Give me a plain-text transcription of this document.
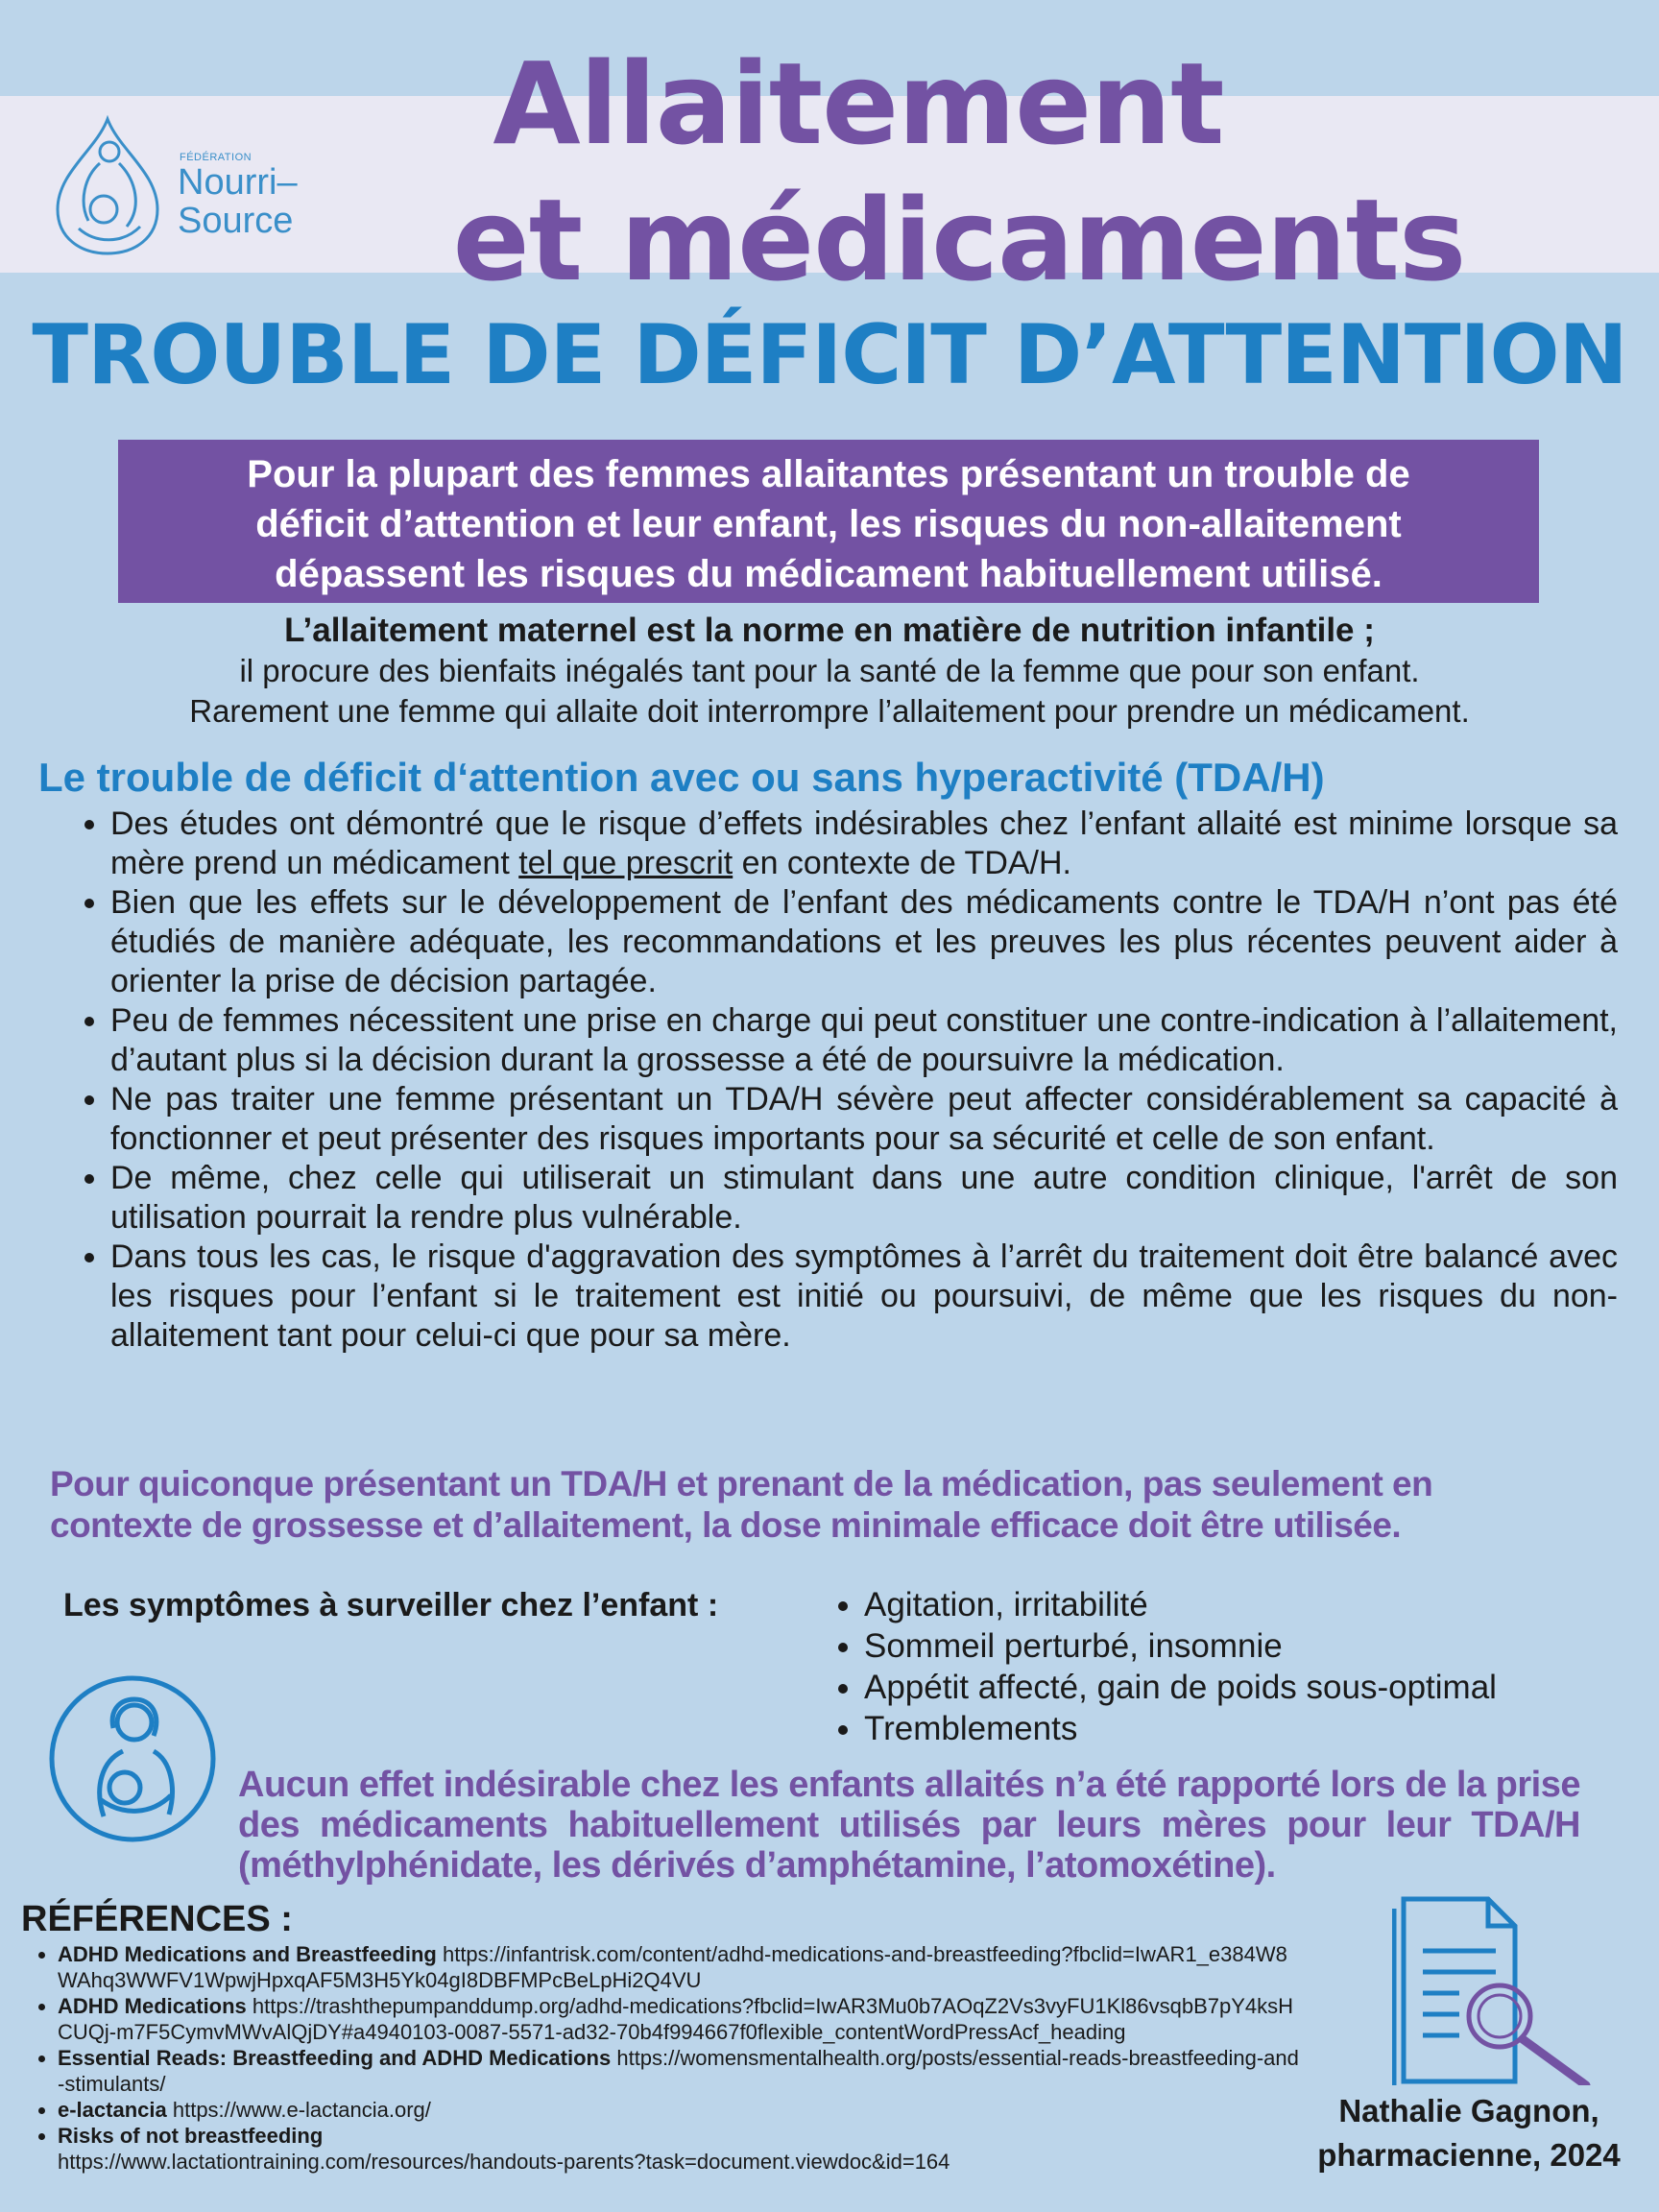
FÉDÉRATION
Nourri–
Source
Allaitement
et médicaments
TROUBLE DE DÉFICIT D’ATTENTION
Pour la plupart des femmes allaitantes présentant un trouble de
déficit d’attention et leur enfant, les risques du non-allaitement
dépassent les risques du médicament habituellement utilisé.
L’allaitement maternel est la norme en matière de nutrition infantile ;
il procure des bienfaits inégalés tant pour la santé de la femme que pour son enfant.
Rarement une femme qui allaite doit interrompre l’allaitement pour prendre un médicament.
Le trouble de déficit d‘attention avec ou sans hyperactivité (TDA/H)
• Des études ont démontré que le risque d’effets indésirables chez l’enfant allaité est minime lorsque sa mère prend un médicament tel que prescrit en contexte de TDA/H.
• Bien que les effets sur le développement de l’enfant des médicaments contre le TDA/H n’ont pas été étudiés de manière adéquate, les recommandations et les preuves les plus récentes peuvent aider à orienter la prise de décision partagée.
• Peu de femmes nécessitent une prise en charge qui peut constituer une contre-indication à l’allaitement, d’autant plus si la décision durant la grossesse a été de poursuivre la médication.
• Ne pas traiter une femme présentant un TDA/H sévère peut affecter considérablement sa capacité à fonctionner et peut présenter des risques importants pour sa sécurité et celle de son enfant.
• De même, chez celle qui utiliserait un stimulant dans une autre condition clinique, l'arrêt de son utilisation pourrait la rendre plus vulnérable.
• Dans tous les cas, le risque d'aggravation des symptômes à l’arrêt du traitement doit être balancé avec les risques pour l’enfant si le traitement est initié ou poursuivi, de même que les risques du non-allaitement tant pour celui-ci que pour sa mère.
Pour quiconque présentant un TDA/H et prenant de la médication, pas seulement en
contexte de grossesse et d’allaitement, la dose minimale efficace doit être utilisée.
Les symptômes à surveiller chez l’enfant :
•	Agitation, irritabilité
• Sommeil perturbé, insomnie
• Appétit affecté, gain de poids sous-optimal
• Tremblements
Aucun effet indésirable chez les enfants allaités n’a été rapporté lors de la prise des médicaments habituellement utilisés par leurs mères pour leur TDA/H (méthylphénidate, les dérivés d’amphétamine, l’atomoxétine).
RÉFÉRENCES :
• ADHD Medications and Breastfeeding https://infantrisk.com/content/adhd-medications-and-breastfeeding?fbclid=IwAR1_e384W8WAhq3WWFV1WpwjHpxqAF5M3H5Yk04gI8DBFMPcBeLpHi2Q4VU
• ADHD Medications https://trashthepumpanddump.org/adhd-medications?fbclid=IwAR3Mu0b7AOqZ2Vs3vyFU1Kl86vsqbB7pY4ksHCUQj-m7F5CymvMWvAlQjDY#a4940103-0087-5571-ad32-70b4f994667f0flexible_contentWordPressAcf_heading
• Essential Reads: Breastfeeding and ADHD Medications https://womensmentalhealth.org/posts/essential-reads-breastfeeding-and-stimulants/
• e-lactancia https://www.e-lactancia.org/
• Risks of not breastfeeding
https://www.lactationtraining.com/resources/handouts-parents?task=document.viewdoc&id=164
Nathalie Gagnon,
pharmacienne, 2024
